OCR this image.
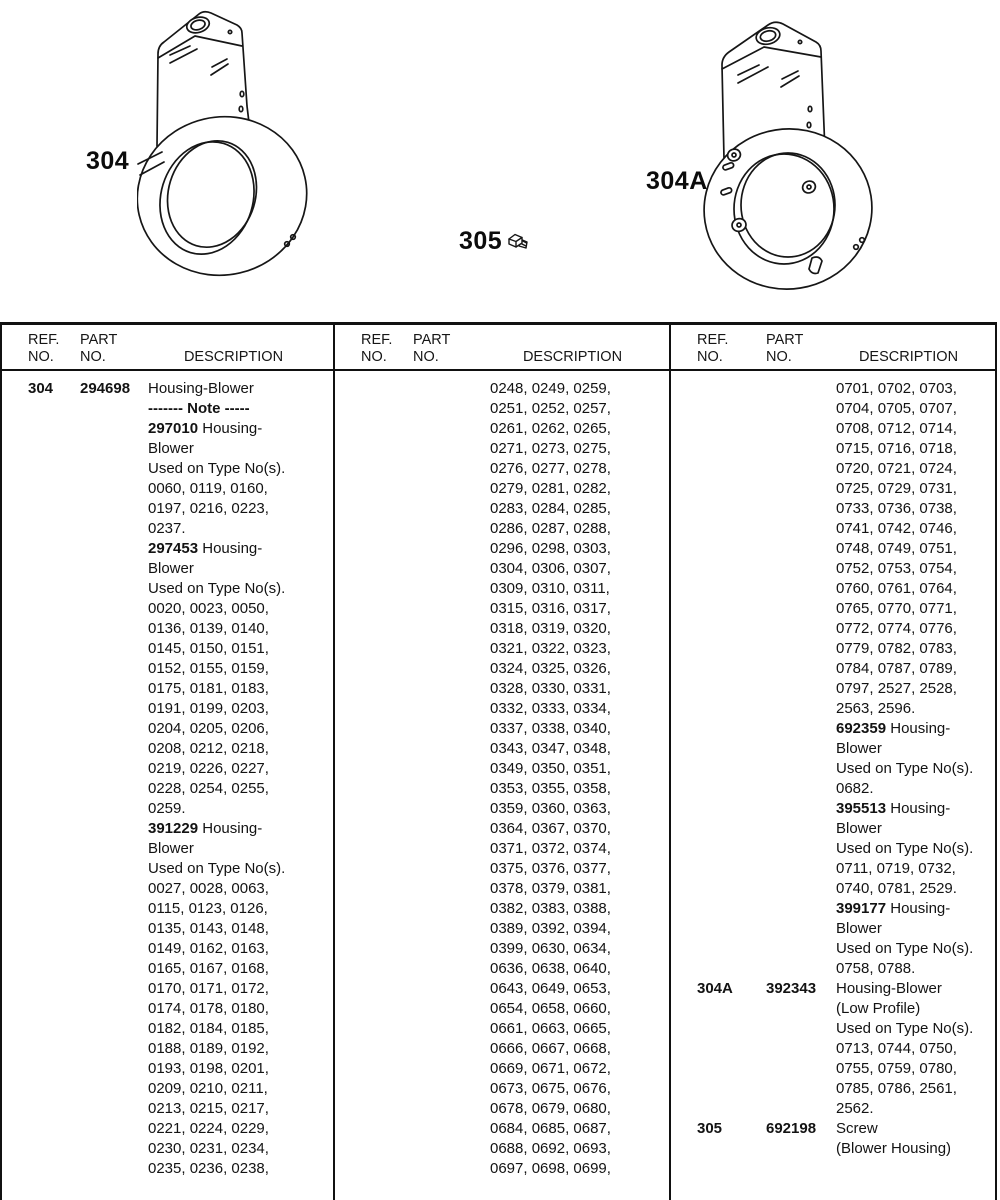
304
305
304A
REF.
NO.
PART
NO.	DESCRIPTION
304	294698	Housing-Blower
------- Note -----
297010 Housing-
Blower
Used on Type No(s).
0060, 0119, 0160,
0197, 0216, 0223,
0237.
297453 Housing-
Blower
Used on Type No(s).
0020, 0023, 0050,
0136, 0139, 0140,
0145, 0150, 0151,
0152, 0155, 0159,
0175, 0181, 0183,
0191, 0199, 0203,
0204, 0205, 0206,
0208, 0212, 0218,
0219, 0226, 0227,
0228, 0254, 0255,
0259.
391229 Housing-
Blower
Used on Type No(s).
0027, 0028, 0063,
0115, 0123, 0126,
0135, 0143, 0148,
0149, 0162, 0163,
0165, 0167, 0168,
0170, 0171, 0172,
0174, 0178, 0180,
0182, 0184, 0185,
0188, 0189, 0192,
0193, 0198, 0201,
0209, 0210, 0211,
0213, 0215, 0217,
0221, 0224, 0229,
0230, 0231, 0234,
0235, 0236, 0238,
REF.
NO.
PART
NO.	DESCRIPTION
0248, 0249, 0259,
0251, 0252, 0257,
0261, 0262, 0265,
0271, 0273, 0275,
0276, 0277, 0278,
0279, 0281, 0282,
0283, 0284, 0285,
0286, 0287, 0288,
0296, 0298, 0303,
0304, 0306, 0307,
0309, 0310, 0311,
0315, 0316, 0317,
0318, 0319, 0320,
0321, 0322, 0323,
0324, 0325, 0326,
0328, 0330, 0331,
0332, 0333, 0334,
0337, 0338, 0340,
0343, 0347, 0348,
0349, 0350, 0351,
0353, 0355, 0358,
0359, 0360, 0363,
0364, 0367, 0370,
0371, 0372, 0374,
0375, 0376, 0377,
0378, 0379, 0381,
0382, 0383, 0388,
0389, 0392, 0394,
0399, 0630, 0634,
0636, 0638, 0640,
0643, 0649, 0653,
0654, 0658, 0660,
0661, 0663, 0665,
0666, 0667, 0668,
0669, 0671, 0672,
0673, 0675, 0676,
0678, 0679, 0680,
0684, 0685, 0687,
0688, 0692, 0693,
0697, 0698, 0699,
REF.
NO.
PART
NO.	DESCRIPTION
0701, 0702, 0703,
0704, 0705, 0707,
0708, 0712, 0714,
0715, 0716, 0718,
0720, 0721, 0724,
0725, 0729, 0731,
0733, 0736, 0738,
0741, 0742, 0746,
0748, 0749, 0751,
0752, 0753, 0754,
0760, 0761, 0764,
0765, 0770, 0771,
0772, 0774, 0776,
0779, 0782, 0783,
0784, 0787, 0789,
0797, 2527, 2528,
2563, 2596.
692359 Housing-
Blower
Used on Type No(s).
0682.
395513 Housing-
Blower
Used on Type No(s).
0711, 0719, 0732,
0740, 0781, 2529.
399177 Housing-
Blower
Used on Type No(s).
0758, 0788.
304A	392343	Housing-Blower
(Low Profile)
Used on Type No(s).
0713, 0744, 0750,
0755, 0759, 0780,
0785, 0786, 2561,
2562.
305	692198	Screw
(Blower Housing)
